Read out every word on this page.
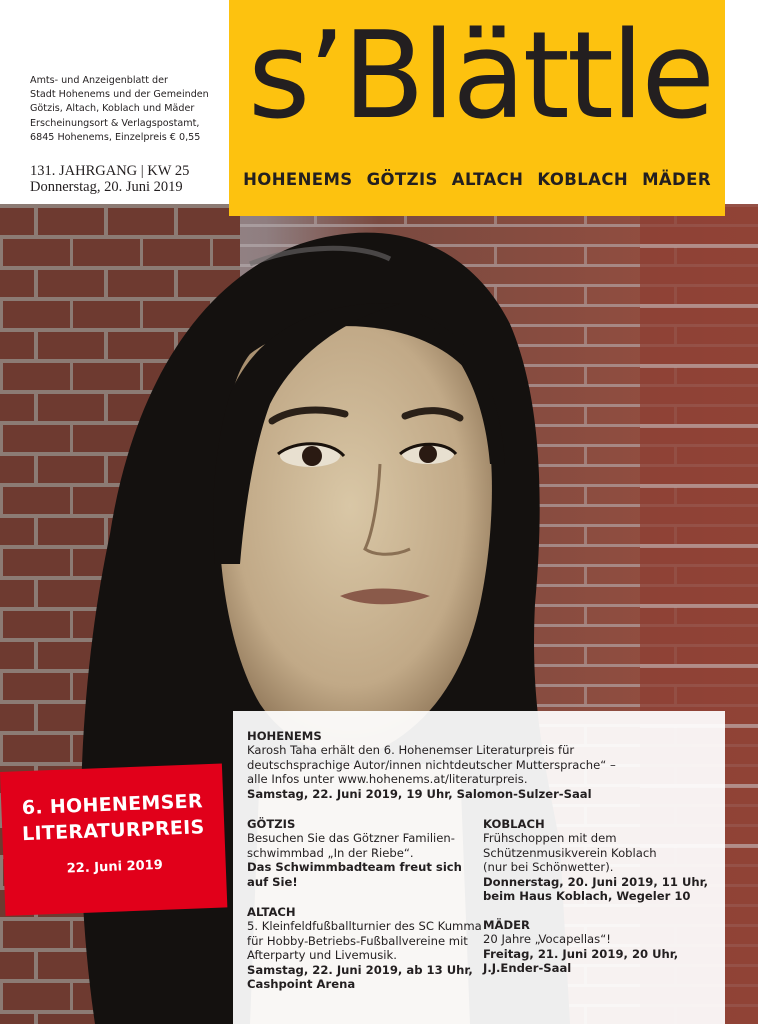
Amts- und Anzeigenblatt der
Stadt Hohenems und der Gemeinden
Götzis, Altach, Koblach und Mäder
Erscheinungsort & Verlagspostamt,
6845 Hohenems, Einzelpreis € 0,55
131. JAHRGANG | KW 25
Donnerstag, 20. Juni 2019
s’Blättle
HOHENEMS GÖTZIS ALTACH KOBLACH MÄDER
HOHENEMS
Karosh Taha erhält den 6. Hohenemser Literaturpreis für
deutschsprachige Autor/innen nichtdeutscher Muttersprache“ –
alle Infos unter www.hohenems.at/literaturpreis.
Samstag, 22. Juni 2019, 19 Uhr, Salomon-Sulzer-Saal
GÖTZIS
Besuchen Sie das Götzner Familien-
schwimmbad „In der Riebe“.
Das Schwimmbadteam freut sich
auf Sie!
KOBLACH
Frühschoppen mit dem
Schützenmusikverein Koblach
(nur bei Schönwetter).
Donnerstag, 20. Juni 2019, 11 Uhr,
beim Haus Koblach, Wegeler 10
ALTACH
5. Kleinfeldfußballturnier des SC Kumma
für Hobby-Betriebs-Fußballvereine mit
Afterparty und Livemusik.
Samstag, 22. Juni 2019, ab 13 Uhr,
Cashpoint Arena
MÄDER
20 Jahre „Vocapellas“!
Freitag, 21. Juni 2019, 20 Uhr,
J.J.Ender-Saal
6. HOHENEMSER
LITERATURPREIS
22. Juni 2019
